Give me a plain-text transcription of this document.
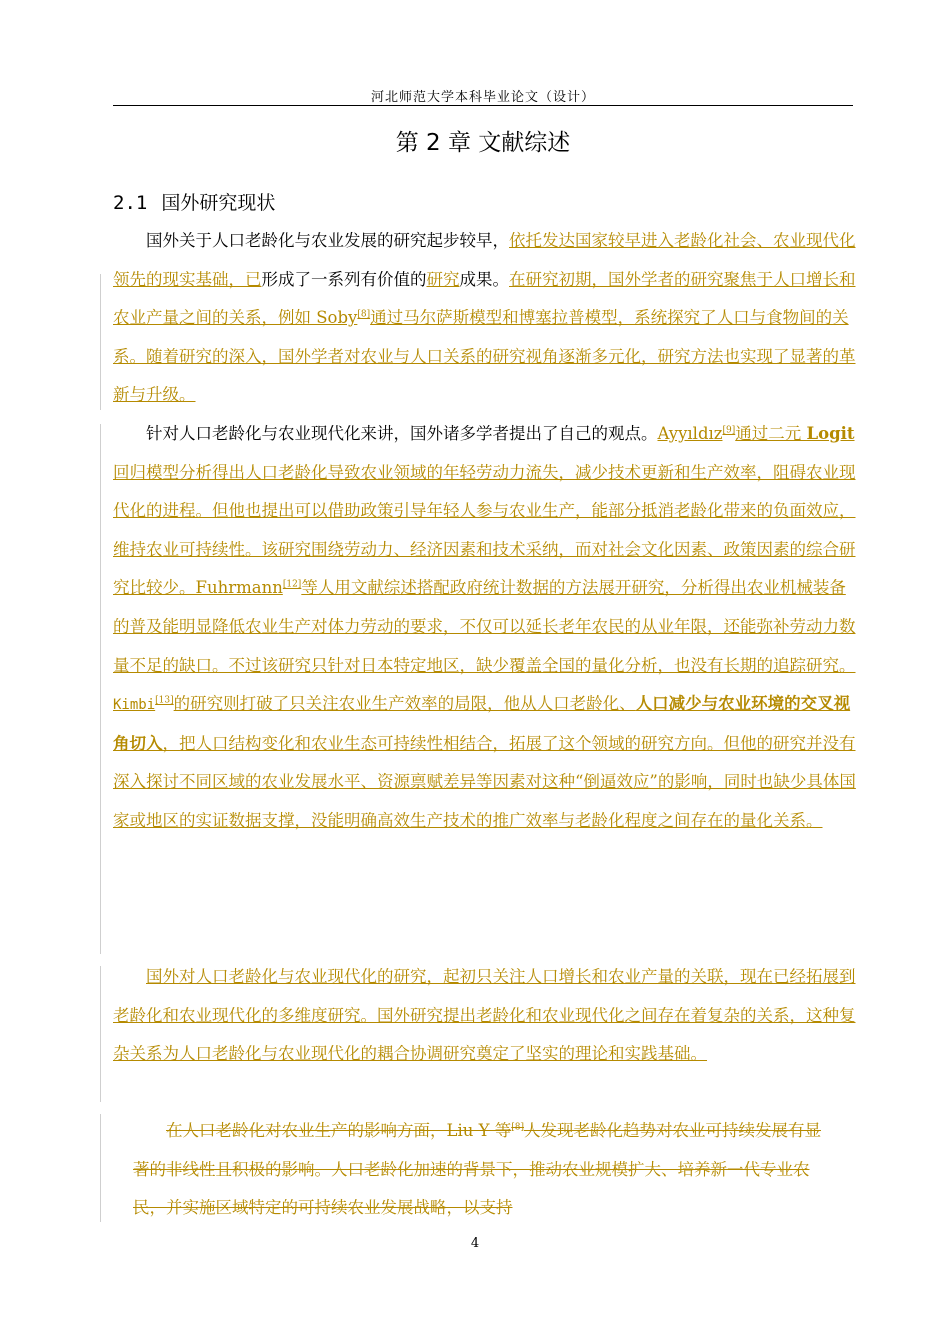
河北师范大学本科毕业论文（设计）
第 2 章 文献综述
2.1 国外研究现状
国外关于人口老龄化与农业发展的研究起步较早，依托发达国家较早进入老龄化社会、农业现代化领先的现实基础，已形成了一系列有价值的研究成果。在研究初期，国外学者的研究聚焦于人口增长和农业产量之间的关系，例如 Soby[8]通过马尔萨斯模型和博塞拉普模型，系统探究了人口与食物间的关系。随着研究的深入，国外学者对农业与人口关系的研究视角逐渐多元化，研究方法也实现了显著的革新与升级。
针对人口老龄化与农业现代化来讲，国外诸多学者提出了自己的观点。Ayyıldız[9]通过二元 Logit 回归模型分析得出人口老龄化导致农业领域的年轻劳动力流失，减少技术更新和生产效率，阻碍农业现代化的进程。但他也提出可以借助政策引导年轻人参与农业生产，能部分抵消老龄化带来的负面效应，维持农业可持续性。该研究围绕劳动力、经济因素和技术采纳，而对社会文化因素、政策因素的综合研究比较少。Fuhrmann[12]等人用文献综述搭配政府统计数据的方法展开研究，分析得出农业机械装备的普及能明显降低农业生产对体力劳动的要求，不仅可以延长老年农民的从业年限，还能弥补劳动力数量不足的缺口。不过该研究只针对日本特定地区，缺少覆盖全国的量化分析，也没有长期的追踪研究。Kimbi[13]的研究则打破了只关注农业生产效率的局限，他从人口老龄化、人口减少与农业环境的交叉视角切入，把人口结构变化和农业生态可持续性相结合，拓展了这个领域的研究方向。但他的研究并没有深入探讨不同区域的农业发展水平、资源禀赋差异等因素对这种“倒逼效应”的影响，同时也缺少具体国家或地区的实证数据支撑，没能明确高效生产技术的推广效率与老龄化程度之间存在的量化关系。
国外对人口老龄化与农业现代化的研究，起初只关注人口增长和农业产量的关联，现在已经拓展到老龄化和农业现代化的多维度研究。国外研究提出老龄化和农业现代化之间存在着复杂的关系，这种复杂关系为人口老龄化与农业现代化的耦合协调研究奠定了坚实的理论和实践基础。
在人口老龄化对农业生产的影响方面，Liu Y 等[8]人发现老龄化趋势对农业可持续发展有显著的非线性且积极的影响。人口老龄化加速的背景下，推动农业规模扩大、培养新一代专业农民，并实施区域特定的可持续农业发展战略，以支持
4
